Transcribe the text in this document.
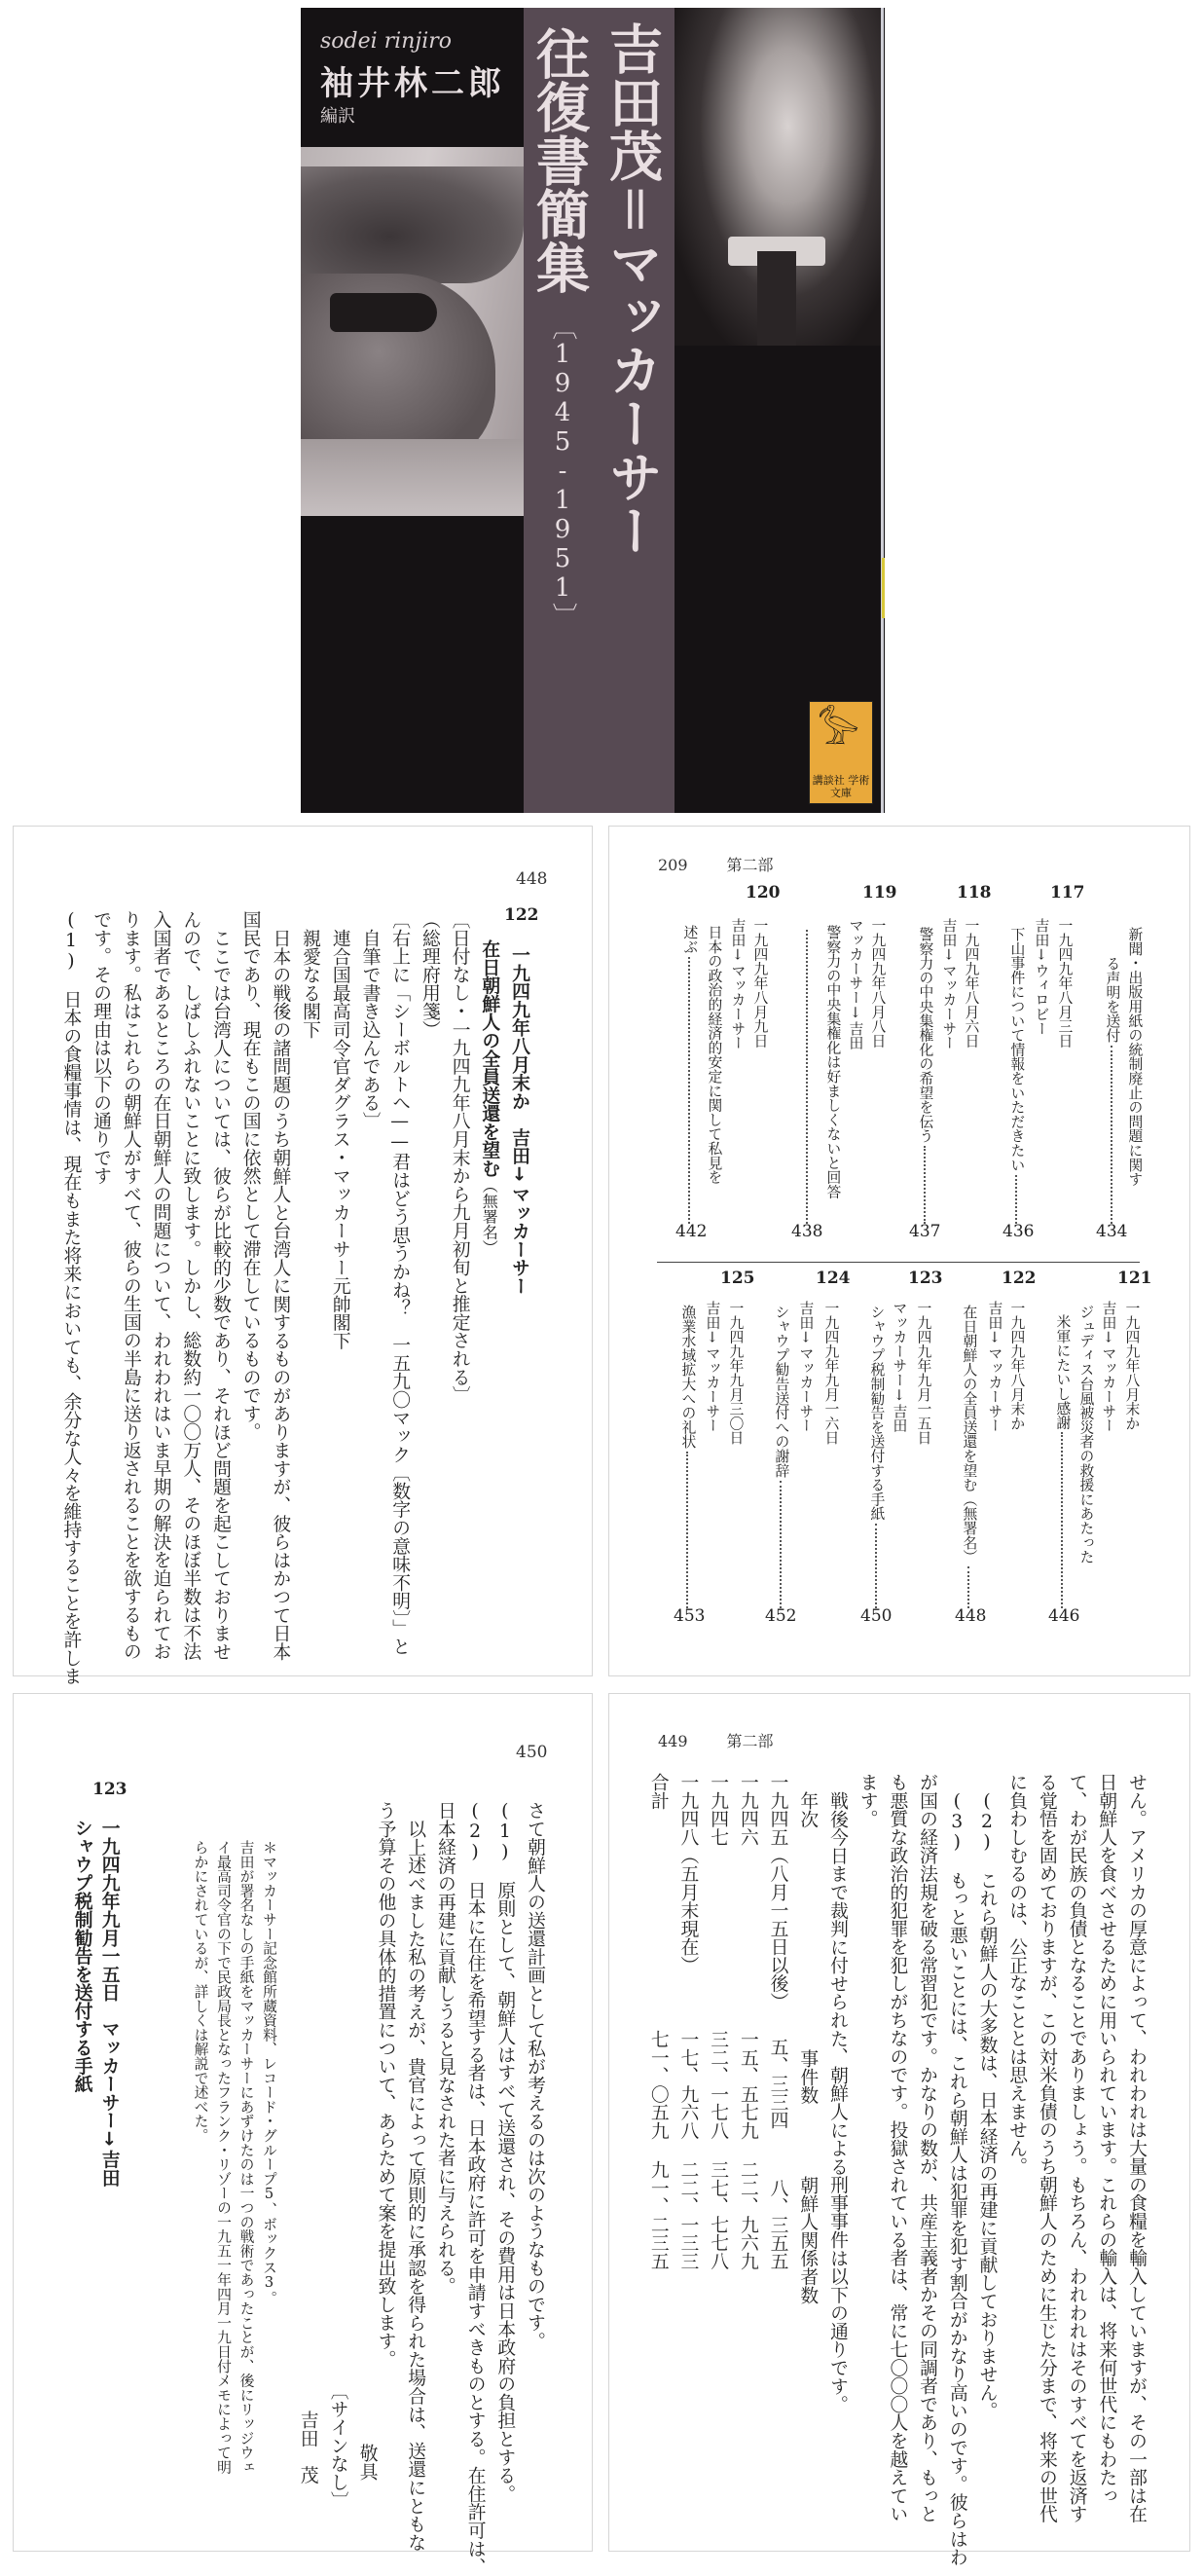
吉田茂＝マッカーサー
往復書簡集
〔1945-1951〕
sodei rinjiro
袖井林二郎
編訳
𓅞
講談社 学術文庫
448
122
一九四九年八月末か　吉田↓マッカーサー
在日朝鮮人の全員送還を望む（無署名）
〔日付なし・一九四九年八月末から九月初旬と推定される〕
（総理府用箋）
〔右上に「シーボルトへ——君はどう思うかね？　一五九〇マック〔数字の意味不明〕」と
自筆で書き込んである〕
連合国最高司令官ダグラス・マッカーサー元帥閣下
親愛なる閣下
日本の戦後の諸問題のうち朝鮮人と台湾人に関するものがありますが、彼らはかつて日本
国民であり、現在もこの国に依然として滞在しているものです。
ここでは台湾人については、彼らが比較的少数であり、それほど問題を起こしておりませ
んので、しばしふれないことに致します。しかし、総数約一〇〇万人、そのほぼ半数は不法
入国者であるところの在日朝鮮人の問題について、われわれはいま早期の解決を迫られてお
ります。私はこれらの朝鮮人がすべて、彼らの生国の半島に送り返されることを欲するもの
です。その理由は以下の通りです
(1)　日本の食糧事情は、現在もまた将来においても、余分な人々を維持することを許しま
209	第二部
新聞・出版用紙の統制廃止の問題に関す
る声明を送付
434
117
一九四九年八月三日
吉田↓ウィロビー
下山事件について情報をいただきたい
436
118
一九四九年八月六日
吉田↓マッカーサー
警察力の中央集権化の希望を伝う
437
119
一九四九年八月八日
マッカーサー↓吉田
警察力の中央集権化は好ましくないと回答
438
120
一九四九年八月九日
吉田↓マッカーサー
日本の政治的経済的安定に関して私見を
述ぶ
442
121
一九四九年八月末か
吉田↓マッカーサー
ジュディス台風被災者の救援にあたった
米軍にたいし感謝
446
122
一九四九年八月末か
吉田↓マッカーサー
在日朝鮮人の全員送還を望む（無署名）
448
123
一九四九年九月一五日
マッカーサー↓吉田
シャウプ税制勧告を送付する手紙
450
124
一九四九年九月一六日
吉田↓マッカーサー
シャウプ勧告送付への謝辞
452
125
一九四九年九月三〇日
吉田↓マッカーサー
漁業水域拡大への礼状
453
450
さて朝鮮人の送還計画として私が考えるのは次のようなものです。
(1)　原則として、朝鮮人はすべて送還され、その費用は日本政府の負担とする。
(2)　日本に在住を希望する者は、日本政府に許可を申請すべきものとする。在住許可は、
日本経済の再建に貢献しうると見なされた者に与えられる。
以上述べました私の考えが、貴官によって原則的に承認を得られた場合は、送還にともな
う予算その他の具体的措置について、あらためて案を提出致します。
敬具
〔サインなし〕
吉田　茂
＊マッカーサー記念館所蔵資料、レコード・グループ5、ボックス3。
吉田が署名なしの手紙をマッカーサーにあずけたのは一つの戦術であったことが、後にリッジウェ
イ最高司令官の下で民政局長となったフランク・リゾーの一九五一年四月一九日付メモによって明
らかにされているが、詳しくは解説で述べた。
123
一九四九年九月一五日　マッカーサー↓吉田
シャウプ税制勧告を送付する手紙
449	第二部
せん。アメリカの厚意によって、われわれは大量の食糧を輸入していますが、その一部は在
日朝鮮人を食べさせるために用いられています。これらの輸入は、将来何世代にもわたっ
て、わが民族の負債となることでありましょう。もちろん、われわれはそのすべてを返済す
る覚悟を固めておりますが、この対米負債のうち朝鮮人のために生じた分まで、将来の世代
に負わしむるのは、公正なこととは思えません。
(2)　これら朝鮮人の大多数は、日本経済の再建に貢献しておりません。
(3)　もっと悪いことには、これら朝鮮人は犯罪を犯す割合がかなり高いのです。彼らはわ
が国の経済法規を破る常習犯です。かなりの数が、共産主義者かその同調者であり、もっと
も悪質な政治的犯罪を犯しがちなのです。投獄されている者は、常に七〇〇〇人を越えてい
ます。
戦後今日まで裁判に付せられた、朝鮮人による刑事事件は以下の通りです。
年次事件数朝鮮人関係者数
一九四五（八月一五日以後）五、三三四八、三五五
一九四六一五、五七九二二、九六九
一九四七三二、一七八三七、七七八
一九四八（五月末現在）一七、九六八二二、一三三
合計七一、〇五九九一、二三五
